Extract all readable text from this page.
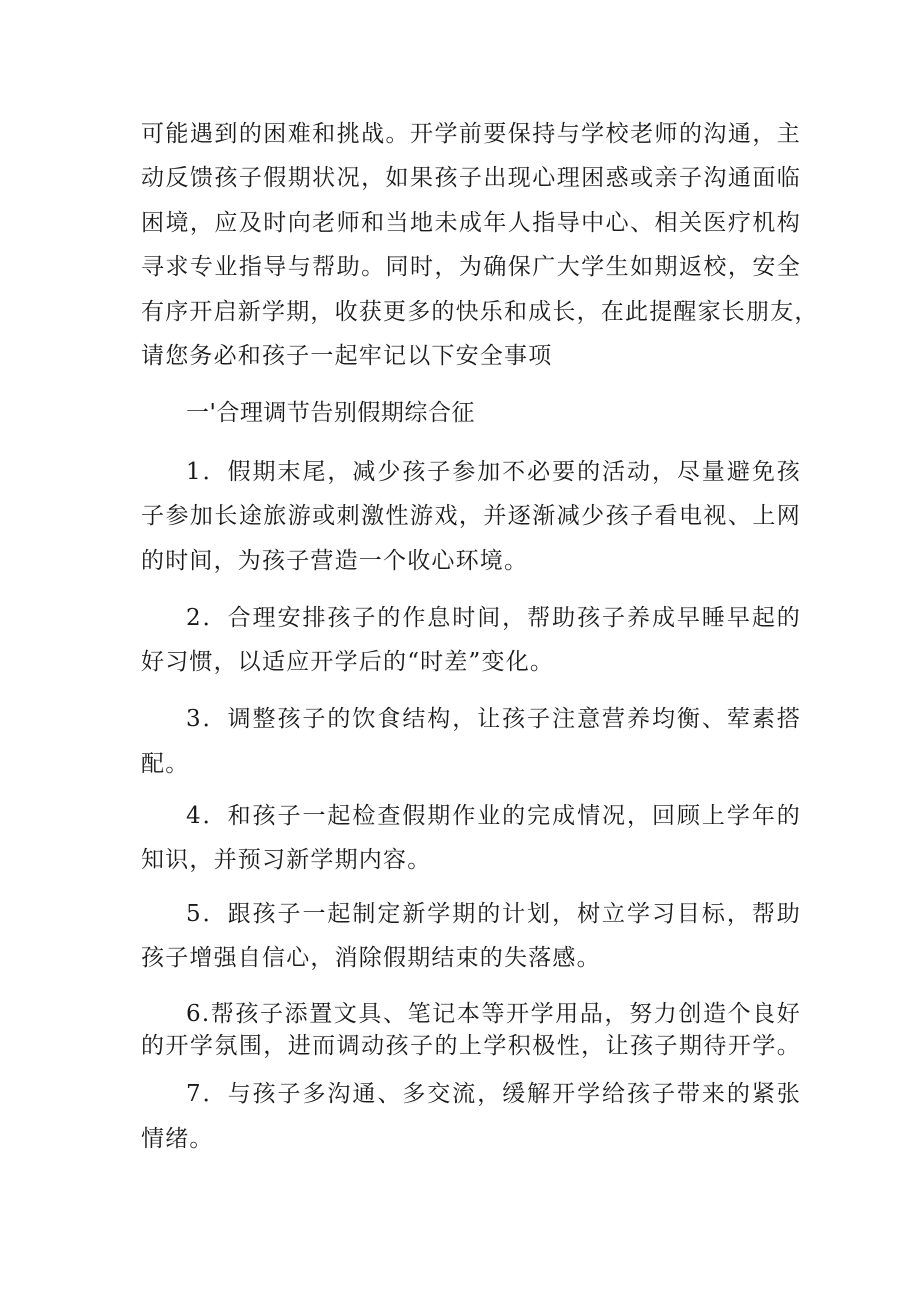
可能遇到的困难和挑战。开学前要保持与学校老师的沟通，主
动反馈孩子假期状况，如果孩子出现心理困惑或亲子沟通面临
困境，应及时向老师和当地未成年人指导中心、相关医疗机构
寻求专业指导与帮助。同时，为确保广大学生如期返校，安全
有序开启新学期，收获更多的快乐和成长，在此提醒家长朋友，
请您务必和孩子一起牢记以下安全事项
一'合理调节告别假期综合征
1．假期末尾，减少孩子参加不必要的活动，尽量避免孩
子参加长途旅游或刺激性游戏，并逐渐减少孩子看电视、上网
的时间，为孩子营造一个收心环境。
2．合理安排孩子的作息时间，帮助孩子养成早睡早起的
好习惯，以适应开学后的“时差”变化。
3．调整孩子的饮食结构，让孩子注意营养均衡、荤素搭
配。
4．和孩子一起检查假期作业的完成情况，回顾上学年的
知识，并预习新学期内容。
5．跟孩子一起制定新学期的计划，树立学习目标，帮助
孩子增强自信心，消除假期结束的失落感。
6.帮孩子添置文具、笔记本等开学用品，努力创造个良好
的开学氛围，进而调动孩子的上学积极性，让孩子期待开学。
7．与孩子多沟通、多交流，缓解开学给孩子带来的紧张
情绪。
